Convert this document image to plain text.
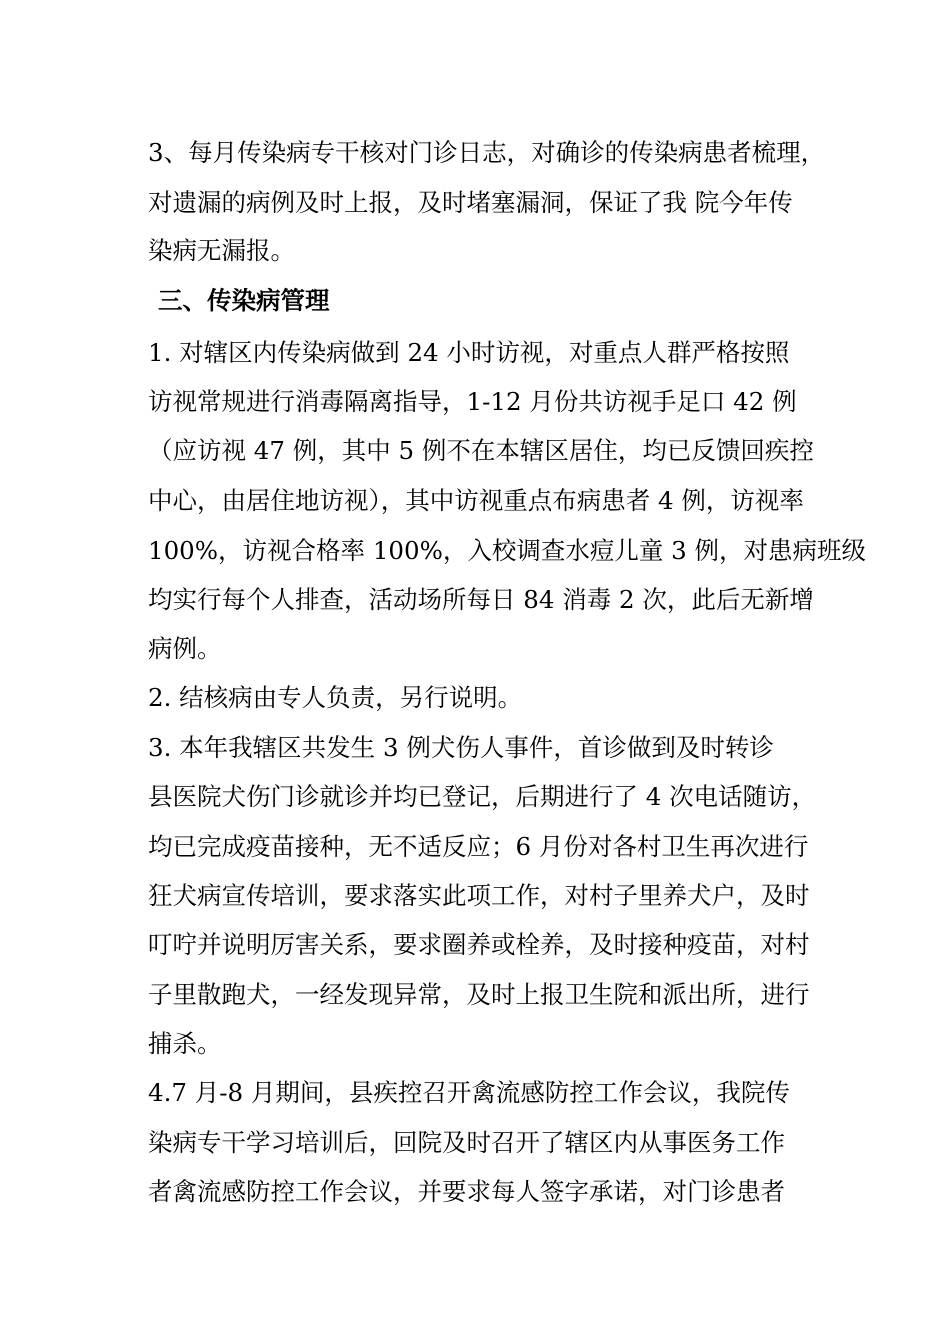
3、每月传染病专干核对门诊日志，对确诊的传染病患者梳理，

对遗漏的病例及时上报，及时堵塞漏洞，保证了我 院今年传

染病无漏报。

三、传染病管理

1. 对辖区内传染病做到 24 小时访视，对重点人群严格按照

访视常规进行消毒隔离指导，1-12 月份共访视手足口 42 例

（应访视 47 例，其中 5 例不在本辖区居住，均已反馈回疾控

中心，由居住地访视），其中访视重点布病患者 4 例，访视率

100%，访视合格率 100%，入校调查水痘儿童 3 例，对患病班级

均实行每个人排查，活动场所每日 84 消毒 2 次，此后无新增

病例。

2. 结核病由专人负责，另行说明。

3. 本年我辖区共发生 3 例犬伤人事件，首诊做到及时转诊

县医院犬伤门诊就诊并均已登记，后期进行了 4 次电话随访，

均已完成疫苗接种，无不适反应；6 月份对各村卫生再次进行

狂犬病宣传培训，要求落实此项工作，对村子里养犬户，及时

叮咛并说明厉害关系，要求圈养或栓养，及时接种疫苗，对村

子里散跑犬，一经发现异常，及时上报卫生院和派出所，进行

捕杀。

4.7 月-8 月期间，县疾控召开禽流感防控工作会议，我院传

染病专干学习培训后，回院及时召开了辖区内从事医务工作

者禽流感防控工作会议，并要求每人签字承诺，对门诊患者
